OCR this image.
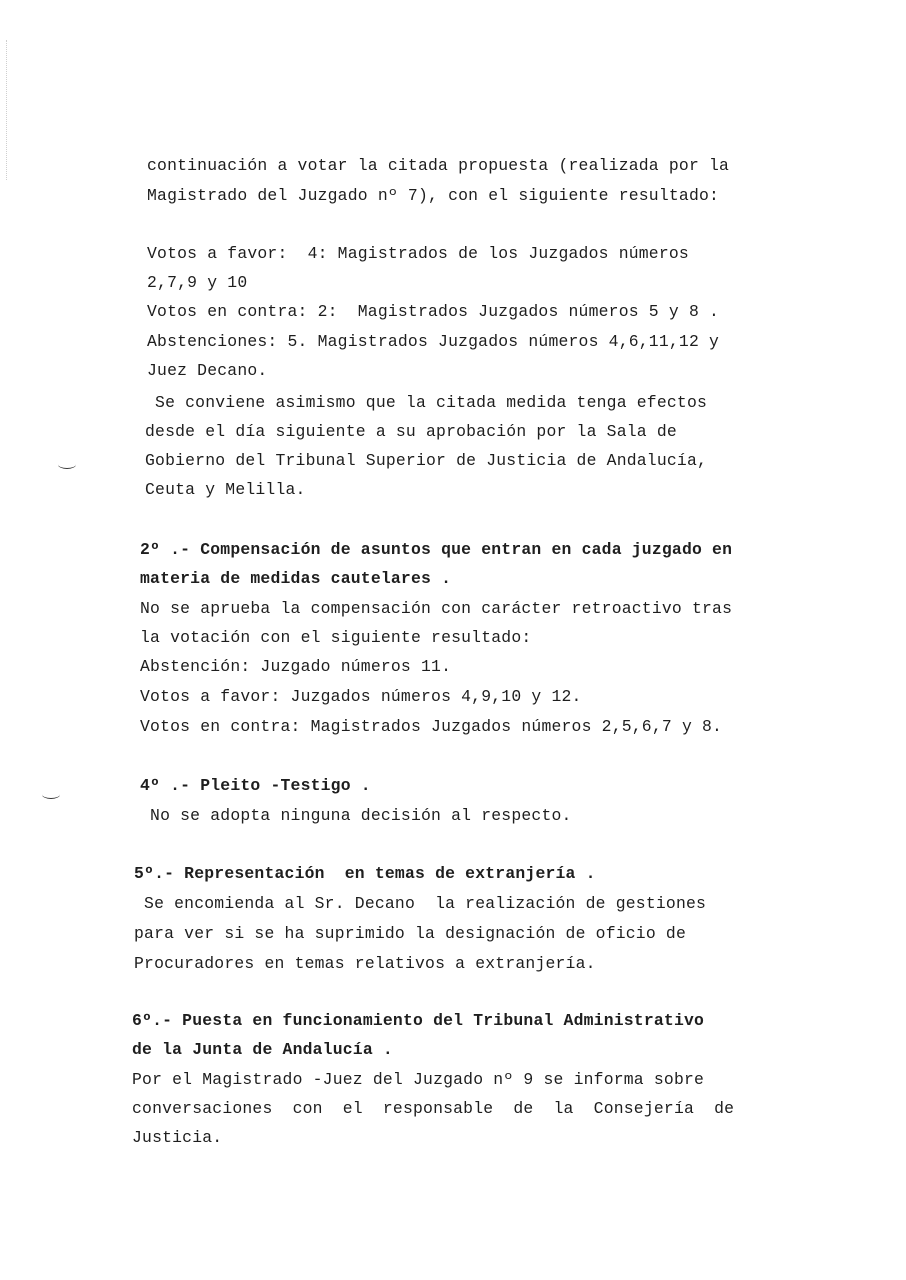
continuación a votar la citada propuesta (realizada por la
Magistrado del Juzgado nº 7), con el siguiente resultado:
Votos a favor:  4: Magistrados de los Juzgados números
2,7,9 y 10
Votos en contra: 2:  Magistrados Juzgados números 5 y 8 .
Abstenciones: 5. Magistrados Juzgados números 4,6,11,12 y
Juez Decano.
Se conviene asimismo que la citada medida tenga efectos
desde el día siguiente a su aprobación por la Sala de
Gobierno del Tribunal Superior de Justicia de Andalucía,
Ceuta y Melilla.
2º .- Compensación de asuntos que entran en cada juzgado en
materia de medidas cautelares .
No se aprueba la compensación con carácter retroactivo tras
la votación con el siguiente resultado:
Abstención: Juzgado números 11.
Votos a favor: Juzgados números 4,9,10 y 12.
Votos en contra: Magistrados Juzgados números 2,5,6,7 y 8.
4º .- Pleito -Testigo .
No se adopta ninguna decisión al respecto.
5º.- Representación  en temas de extranjería .
Se encomienda al Sr. Decano  la realización de gestiones
para ver si se ha suprimido la designación de oficio de
Procuradores en temas relativos a extranjería.
6º.- Puesta en funcionamiento del Tribunal Administrativo
de la Junta de Andalucía .
Por el Magistrado -Juez del Juzgado nº 9 se informa sobre
conversaciones  con  el  responsable  de  la  Consejería  de
Justicia.
